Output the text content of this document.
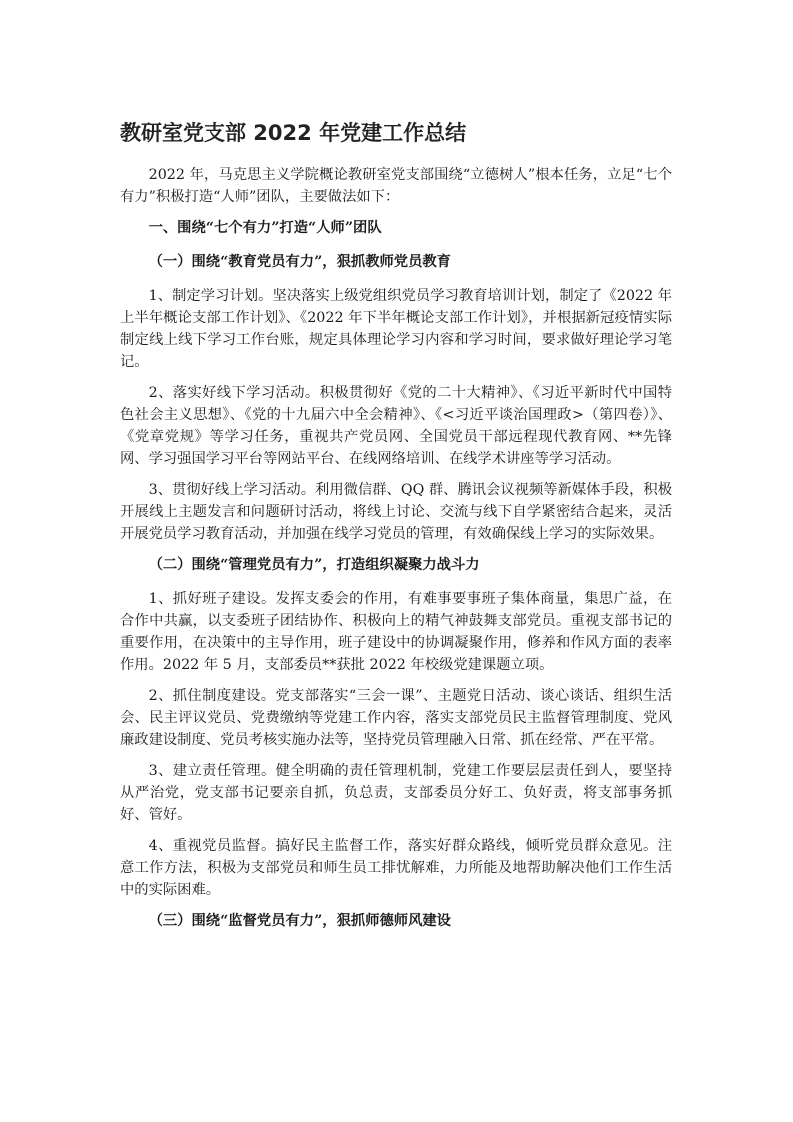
教研室党支部 2022 年党建工作总结

2022 年，马克思主义学院概论教研室党支部围绕“立德树人”根本任务，立足“七个有力”积极打造“人师”团队，主要做法如下：

一、围绕“七个有力”打造“人师”团队

（一）围绕“教育党员有力”，狠抓教师党员教育

1、制定学习计划。坚决落实上级党组织党员学习教育培训计划，制定了《2022 年上半年概论支部工作计划》、《2022 年下半年概论支部工作计划》，并根据新冠疫情实际制定线上线下学习工作台账，规定具体理论学习内容和学习时间，要求做好理论学习笔记。

2、落实好线下学习活动。积极贯彻好《党的二十大精神》、《习近平新时代中国特色社会主义思想》、《党的十九届六中全会精神》、《<习近平谈治国理政>（第四卷）》、《党章党规》等学习任务，重视共产党员网、全国党员干部远程现代教育网、**先锋网、学习强国学习平台等网站平台、在线网络培训、在线学术讲座等学习活动。

3、贯彻好线上学习活动。利用微信群、QQ 群、腾讯会议视频等新媒体手段，积极开展线上主题发言和问题研讨活动，将线上讨论、交流与线下自学紧密结合起来，灵活开展党员学习教育活动，并加强在线学习党员的管理，有效确保线上学习的实际效果。

（二）围绕“管理党员有力”，打造组织凝聚力战斗力

1、抓好班子建设。发挥支委会的作用，有难事要事班子集体商量，集思广益，在合作中共赢，以支委班子团结协作、积极向上的精气神鼓舞支部党员。重视支部书记的重要作用，在决策中的主导作用，班子建设中的协调凝聚作用，修养和作风方面的表率作用。2022 年 5 月，支部委员**获批 2022 年校级党建课题立项。

2、抓住制度建设。党支部落实“三会一课”、主题党日活动、谈心谈话、组织生活会、民主评议党员、党费缴纳等党建工作内容，落实支部党员民主监督管理制度、党风廉政建设制度、党员考核实施办法等，坚持党员管理融入日常、抓在经常、严在平常。

3、建立责任管理。健全明确的责任管理机制，党建工作要层层责任到人，要坚持从严治党，党支部书记要亲自抓，负总责，支部委员分好工、负好责，将支部事务抓好、管好。

4、重视党员监督。搞好民主监督工作，落实好群众路线，倾听党员群众意见。注意工作方法，积极为支部党员和师生员工排忧解难，力所能及地帮助解决他们工作生活中的实际困难。

（三）围绕“监督党员有力”，狠抓师德师风建设
